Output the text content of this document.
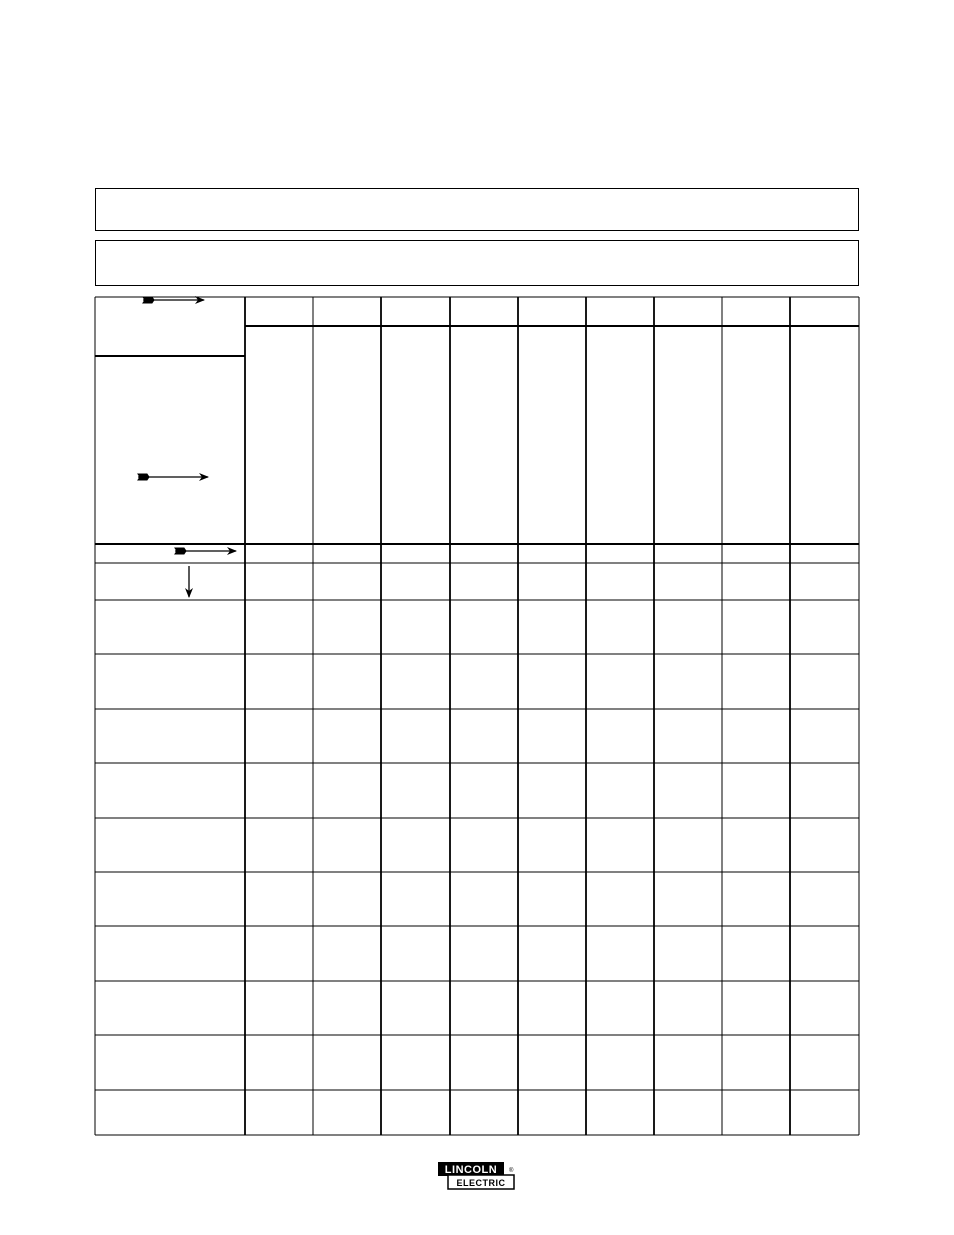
LINCOLN
ELECTRIC
®
